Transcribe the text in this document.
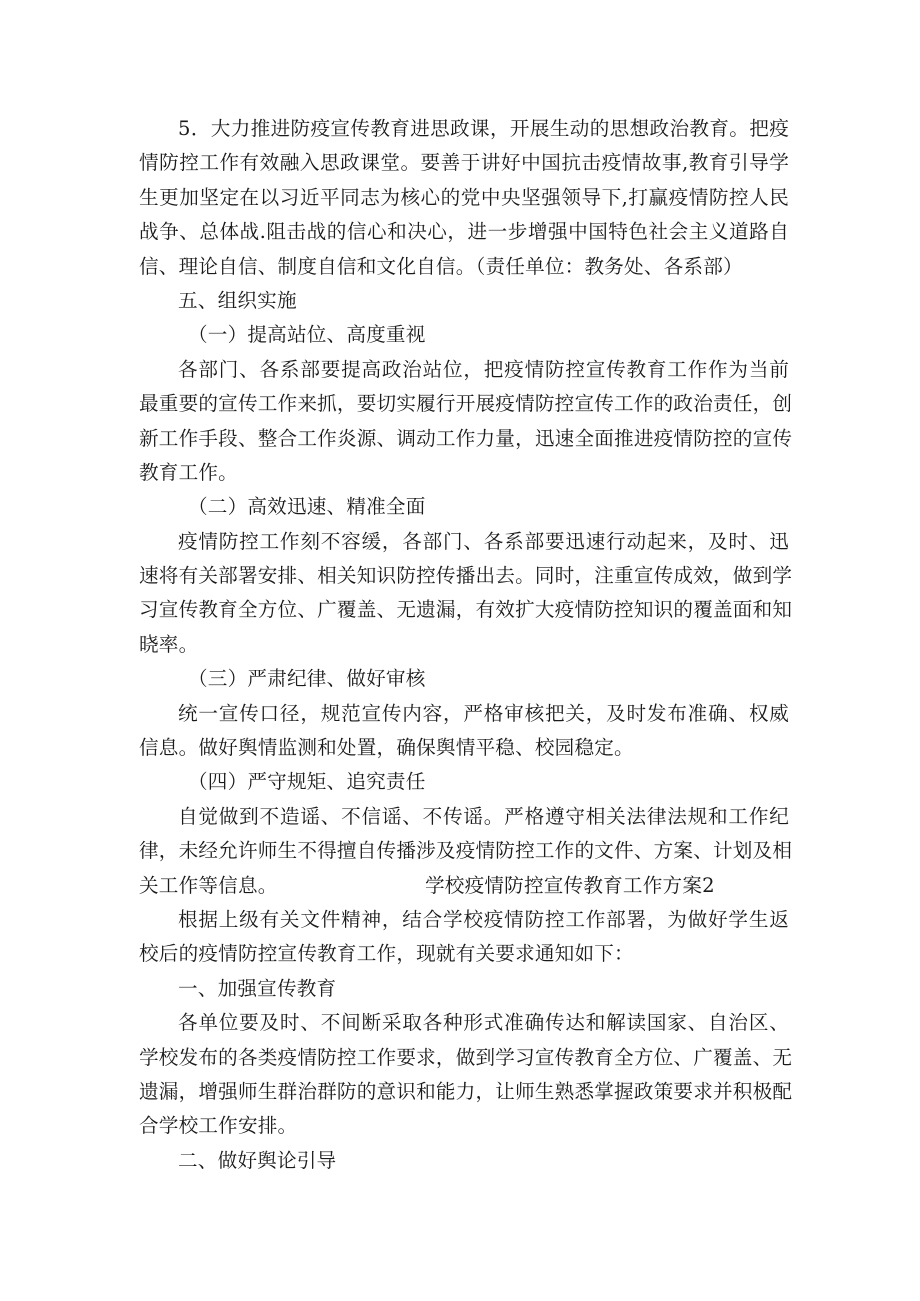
5．大力推进防疫宣传教育进思政课，开展生动的思想政治教育。把疫
情防控工作有效融入思政课堂。要善于讲好中国抗击疫情故事,教育引导学
生更加坚定在以习近平同志为核心的党中央坚强领导下,打赢疫情防控人民
战争、总体战.阻击战的信心和决心，进一步增强中国特色社会主义道路自
信、理论自信、制度自信和文化自信。（责任单位：教务处、各系部）
五、组织实施
（一）提高站位、高度重视
各部门、各系部要提高政治站位，把疫情防控宣传教育工作作为当前
最重要的宣传工作来抓，要切实履行开展疫情防控宣传工作的政治责任，创
新工作手段、整合工作炎源、调动工作力量，迅速全面推进疫情防控的宣传
教育工作。
（二）高效迅速、精准全面
疫情防控工作刻不容缓，各部门、各系部要迅速行动起来，及时、迅
速将有关部署安排、相关知识防控传播出去。同时，注重宣传成效，做到学
习宣传教育全方位、广覆盖、无遗漏，有效扩大疫情防控知识的覆盖面和知
晓率。
（三）严肃纪律、做好审核
统一宣传口径，规范宣传内容，严格审核把关，及时发布准确、权威
信息。做好舆情监测和处置，确保舆情平稳、校园稳定。
（四）严守规矩、追究责任
自觉做到不造谣、不信谣、不传谣。严格遵守相关法律法规和工作纪
律，未经允许师生不得擅自传播涉及疫情防控工作的文件、方案、计划及相
关工作等信息。	学校疫情防控宣传教育工作方案2
根据上级有关文件精神，结合学校疫情防控工作部署，为做好学生返
校后的疫情防控宣传教育工作，现就有关要求通知如下：
一、加强宣传教育
各单位要及时、不间断采取各种形式准确传达和解读国家、自治区、
学校发布的各类疫情防控工作要求，做到学习宣传教育全方位、广覆盖、无
遗漏，增强师生群治群防的意识和能力，让师生熟悉掌握政策要求并积极配
合学校工作安排。
二、做好舆论引导
